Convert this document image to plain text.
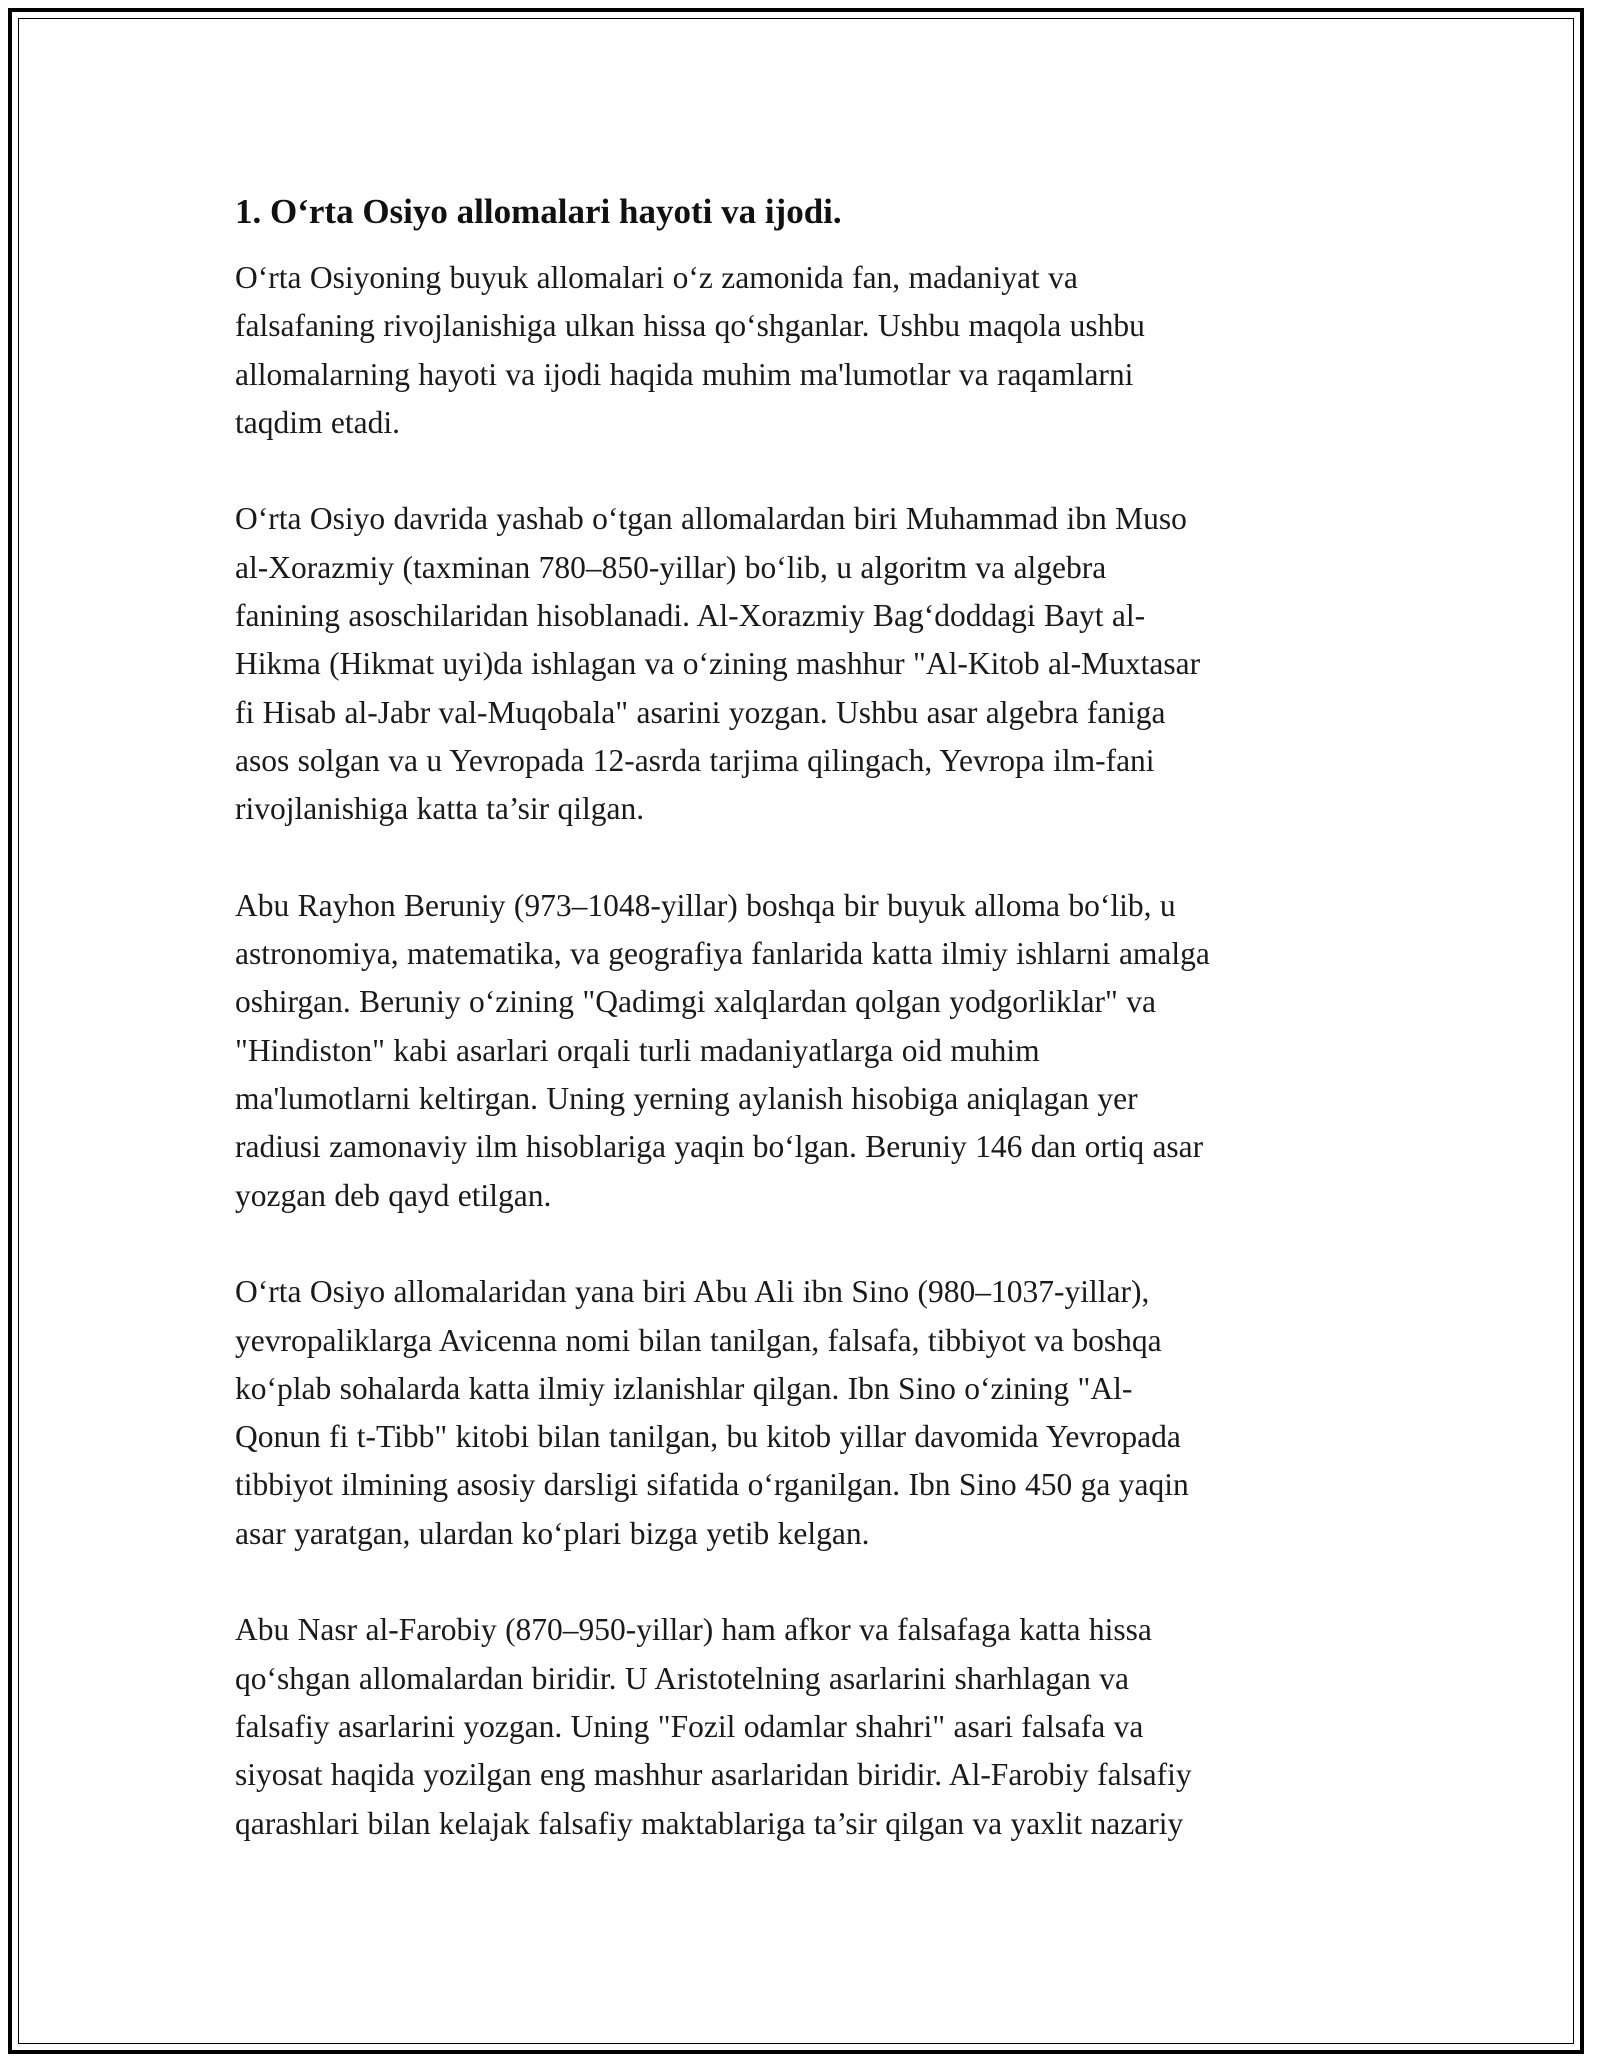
1. O‘rta Osiyo allomalari hayoti va ijodi.

O‘rta Osiyoning buyuk allomalari o‘z zamonida fan, madaniyat va
falsafaning rivojlanishiga ulkan hissa qo‘shganlar. Ushbu maqola ushbu
allomalarning hayoti va ijodi haqida muhim ma'lumotlar va raqamlarni
taqdim etadi.

O‘rta Osiyo davrida yashab o‘tgan allomalardan biri Muhammad ibn Muso
al-Xorazmiy (taxminan 780–850-yillar) bo‘lib, u algoritm va algebra
fanining asoschilaridan hisoblanadi. Al-Xorazmiy Bag‘doddagi Bayt al-
Hikma (Hikmat uyi)da ishlagan va o‘zining mashhur "Al-Kitob al-Muxtasar
fi Hisab al-Jabr val-Muqobala" asarini yozgan. Ushbu asar algebra faniga
asos solgan va u Yevropada 12-asrda tarjima qilingach, Yevropa ilm-fani
rivojlanishiga katta ta’sir qilgan.

Abu Rayhon Beruniy (973–1048-yillar) boshqa bir buyuk alloma bo‘lib, u
astronomiya, matematika, va geografiya fanlarida katta ilmiy ishlarni amalga
oshirgan. Beruniy o‘zining "Qadimgi xalqlardan qolgan yodgorliklar" va
"Hindiston" kabi asarlari orqali turli madaniyatlarga oid muhim
ma'lumotlarni keltirgan. Uning yerning aylanish hisobiga aniqlagan yer
radiusi zamonaviy ilm hisoblariga yaqin bo‘lgan. Beruniy 146 dan ortiq asar
yozgan deb qayd etilgan.

O‘rta Osiyo allomalaridan yana biri Abu Ali ibn Sino (980–1037-yillar),
yevropaliklarga Avicenna nomi bilan tanilgan, falsafa, tibbiyot va boshqa
ko‘plab sohalarda katta ilmiy izlanishlar qilgan. Ibn Sino o‘zining "Al-
Qonun fi t-Tibb" kitobi bilan tanilgan, bu kitob yillar davomida Yevropada
tibbiyot ilmining asosiy darsligi sifatida o‘rganilgan. Ibn Sino 450 ga yaqin
asar yaratgan, ulardan ko‘plari bizga yetib kelgan.

Abu Nasr al-Farobiy (870–950-yillar) ham afkor va falsafaga katta hissa
qo‘shgan allomalardan biridir. U Aristotelning asarlarini sharhlagan va
falsafiy asarlarini yozgan. Uning "Fozil odamlar shahri" asari falsafa va
siyosat haqida yozilgan eng mashhur asarlaridan biridir. Al-Farobiy falsafiy
qarashlari bilan kelajak falsafiy maktablariga ta’sir qilgan va yaxlit nazariy
